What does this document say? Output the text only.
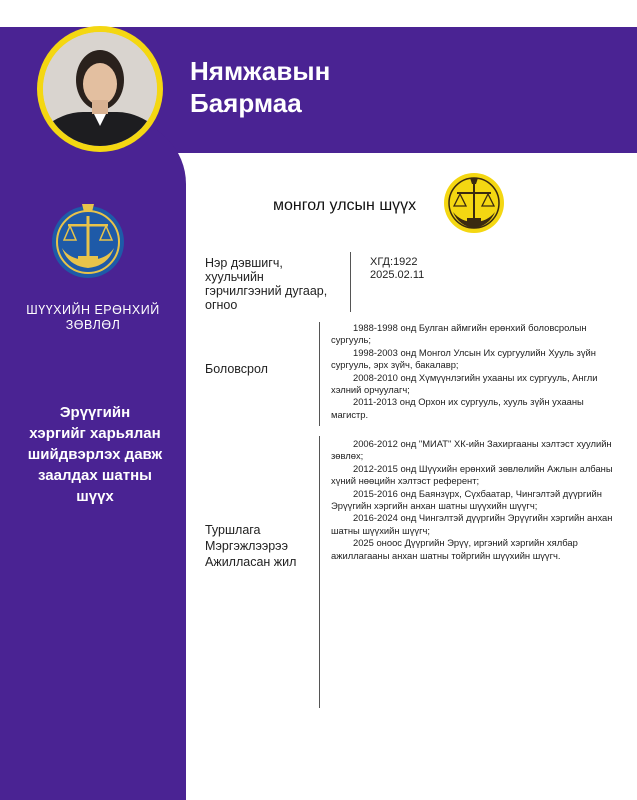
Нямжавын
Баярмаа
ШҮҮХИЙН ЕРӨНХИЙ
ЗӨВЛӨЛ
Эрүүгийн
хэргийг харьялан
шийдвэрлэх давж
заалдах шатны
шүүх
монгол улсын шүүх
Нэр дэвшигч,
хуульчийн
гэрчилгээний дугаар,
огноо
ХГД:1922
2025.02.11
Боловсрол

1988-1998 онд Булган аймгийн ерөнхий боловсролын сургууль;

1998-2003 онд Монгол Улсын Их сургуулийн Хууль зүйн сургууль, эрх зүйч, бакалавр;

2008-2010 онд Хүмүүнлэгийн ухааны их сургууль, Англи хэлний орчуулагч;

2011-2013 онд Орхон их сургууль, хууль зүйн ухааны магистр.

Туршлага
Мэргэжлээрээ
Ажилласан жил

2006-2012 онд "МИАТ" ХК-ийн Захиргааны хэлтэст хуулийн зөвлөх;

2012-2015 онд Шүүхийн ерөнхий зөвлөлийн Ажлын албаны хүний нөөцийн хэлтэст референт;

2015-2016 онд Баянзүрх, Сүхбаатар, Чингэлтэй дүүргийн Эрүүгийн хэргийн анхан шатны шүүхийн шүүгч;

2016-2024 онд Чингэлтэй дүүргийн Эрүүгийн хэргийн анхан шатны шүүхийн шүүгч;

2025 оноос Дүүргийн Эрүү, иргэний хэргийн хялбар ажиллагааны анхан шатны тойргийн шүүхийн шүүгч.
